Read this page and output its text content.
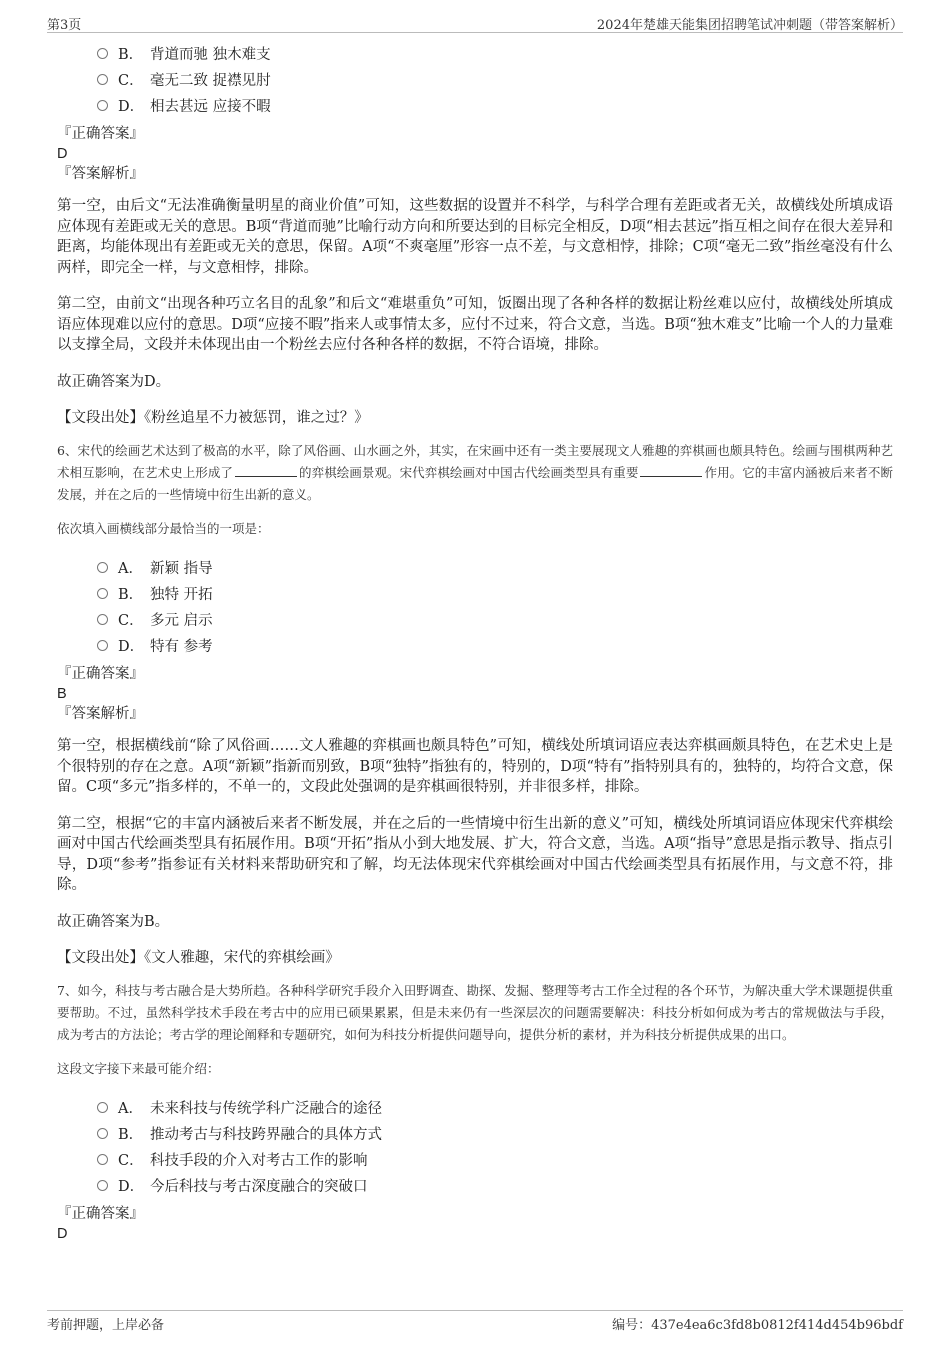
第3页	2024年楚雄天能集团招聘笔试冲刺题（带答案解析）
B． 背道而驰 独木难支
C． 毫无二致 捉襟见肘
D． 相去甚远 应接不暇
『正确答案』
D
『答案解析』

第一空，由后文“无法准确衡量明星的商业价值”可知，这些数据的设置并不科学，与科学合理有差距或者无关，故横线处所填成语应体现有差距或无关的意思。B项“背道而驰”比喻行动方向和所要达到的目标完全相反，D项“相去甚远”指互相之间存在很大差异和距离，均能体现出有差距或无关的意思，保留。A项“不爽毫厘”形容一点不差，与文意相悖，排除；C项“毫无二致”指丝毫没有什么两样，即完全一样，与文意相悖，排除。

第二空，由前文“出现各种巧立名目的乱象”和后文“难堪重负”可知，饭圈出现了各种各样的数据让粉丝难以应付，故横线处所填成语应体现难以应付的意思。D项“应接不暇”指来人或事情太多，应付不过来，符合文意，当选。B项“独木难支”比喻一个人的力量难以支撑全局，文段并未体现出由一个粉丝去应付各种各样的数据，不符合语境，排除。

故正确答案为D。

【文段出处】《粉丝追星不力被惩罚，谁之过？》

6、宋代的绘画艺术达到了极高的水平，除了风俗画、山水画之外，其实，在宋画中还有一类主要展现文人雅趣的弈棋画也颇具特色。绘画与围棋两种艺术相互影响，在艺术史上形成了	的弈棋绘画景观。宋代弈棋绘画对中国古代绘画类型具有重要	作用。它的丰富内涵被后来者不断发展，并在之后的一些情境中衍生出新的意义。

依次填入画横线部分最恰当的一项是：
A． 新颖 指导
B． 独特 开拓
C． 多元 启示
D． 特有 参考
『正确答案』
B
『答案解析』

第一空，根据横线前“除了风俗画……文人雅趣的弈棋画也颇具特色”可知，横线处所填词语应表达弈棋画颇具特色，在艺术史上是个很特别的存在之意。A项“新颖”指新而别致，B项“独特”指独有的，特别的，D项“特有”指特别具有的，独特的，均符合文意，保留。C项“多元”指多样的，不单一的，文段此处强调的是弈棋画很特别，并非很多样，排除。

第二空，根据“它的丰富内涵被后来者不断发展，并在之后的一些情境中衍生出新的意义”可知，横线处所填词语应体现宋代弈棋绘画对中国古代绘画类型具有拓展作用。B项“开拓”指从小到大地发展、扩大，符合文意，当选。A项“指导”意思是指示教导、指点引导，D项“参考”指参证有关材料来帮助研究和了解，均无法体现宋代弈棋绘画对中国古代绘画类型具有拓展作用，与文意不符，排除。

故正确答案为B。

【文段出处】《文人雅趣，宋代的弈棋绘画》

7、如今，科技与考古融合是大势所趋。各种科学研究手段介入田野调查、勘探、发掘、整理等考古工作全过程的各个环节，为解决重大学术课题提供重要帮助。不过，虽然科学技术手段在考古中的应用已硕果累累，但是未来仍有一些深层次的问题需要解决：科技分析如何成为考古的常规做法与手段，成为考古的方法论；考古学的理论阐释和专题研究，如何为科技分析提供问题导向，提供分析的素材，并为科技分析提供成果的出口。

这段文字接下来最可能介绍：
A． 未来科技与传统学科广泛融合的途径
B． 推动考古与科技跨界融合的具体方式
C． 科技手段的介入对考古工作的影响
D． 今后科技与考古深度融合的突破口
『正确答案』
D
考前押题，上岸必备	编号：437e4ea6c3fd8b0812f414d454b96bdf
